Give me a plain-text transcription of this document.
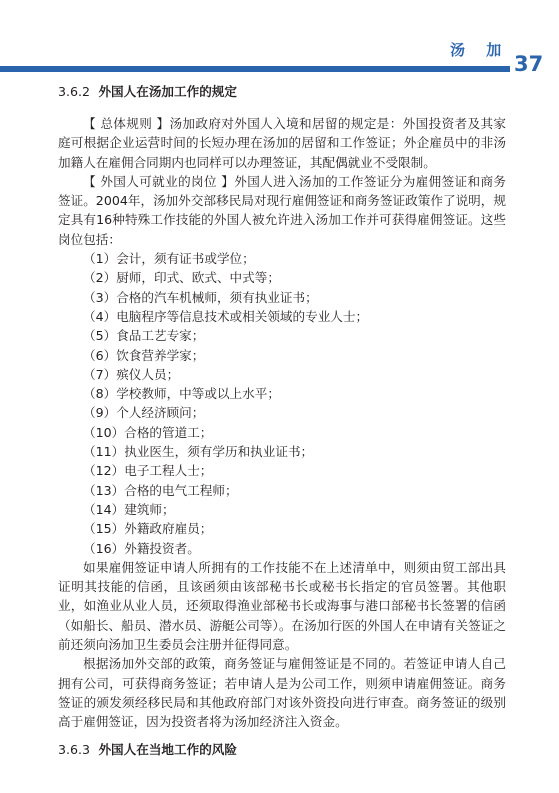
汤 加
37
3.6.2 外国人在汤加工作的规定

【 总体规则 】汤加政府对外国人入境和居留的规定是：外国投资者及其家庭可根据企业运营时间的长短办理在汤加的居留和工作签证；外企雇员中的非汤加籍人在雇佣合同期内也同样可以办理签证，其配偶就业不受限制。

【 外国人可就业的岗位 】外国人进入汤加的工作签证分为雇佣签证和商务签证。2004年，汤加外交部移民局对现行雇佣签证和商务签证政策作了说明，规定具有16种特殊工作技能的外国人被允许进入汤加工作并可获得雇佣签证。这些岗位包括：

（1）会计，须有证书或学位；
（2）厨师，印式、欧式、中式等；
（3）合格的汽车机械师，须有执业证书；
（4）电脑程序等信息技术或相关领域的专业人士；
（5）食品工艺专家；
（6）饮食营养学家；
（7）殡仪人员；
（8）学校教师，中等或以上水平；
（9）个人经济顾问；
（10）合格的管道工；
（11）执业医生，须有学历和执业证书；
（12）电子工程人士；
（13）合格的电气工程师；
（14）建筑师；
（15）外籍政府雇员；
（16）外籍投资者。

如果雇佣签证申请人所拥有的工作技能不在上述清单中，则须由贸工部出具证明其技能的信函，且该函须由该部秘书长或秘书长指定的官员签署。其他职业，如渔业从业人员，还须取得渔业部秘书长或海事与港口部秘书长签署的信函（如船长、船员、潜水员、游艇公司等）。在汤加行医的外国人在申请有关签证之前还须向汤加卫生委员会注册并征得同意。

根据汤加外交部的政策，商务签证与雇佣签证是不同的。若签证申请人自己拥有公司，可获得商务签证；若申请人是为公司工作，则须申请雇佣签证。商务签证的颁发须经移民局和其他政府部门对该外资投向进行审查。商务签证的级别高于雇佣签证，因为投资者将为汤加经济注入资金。

3.6.3 外国人在当地工作的风险
